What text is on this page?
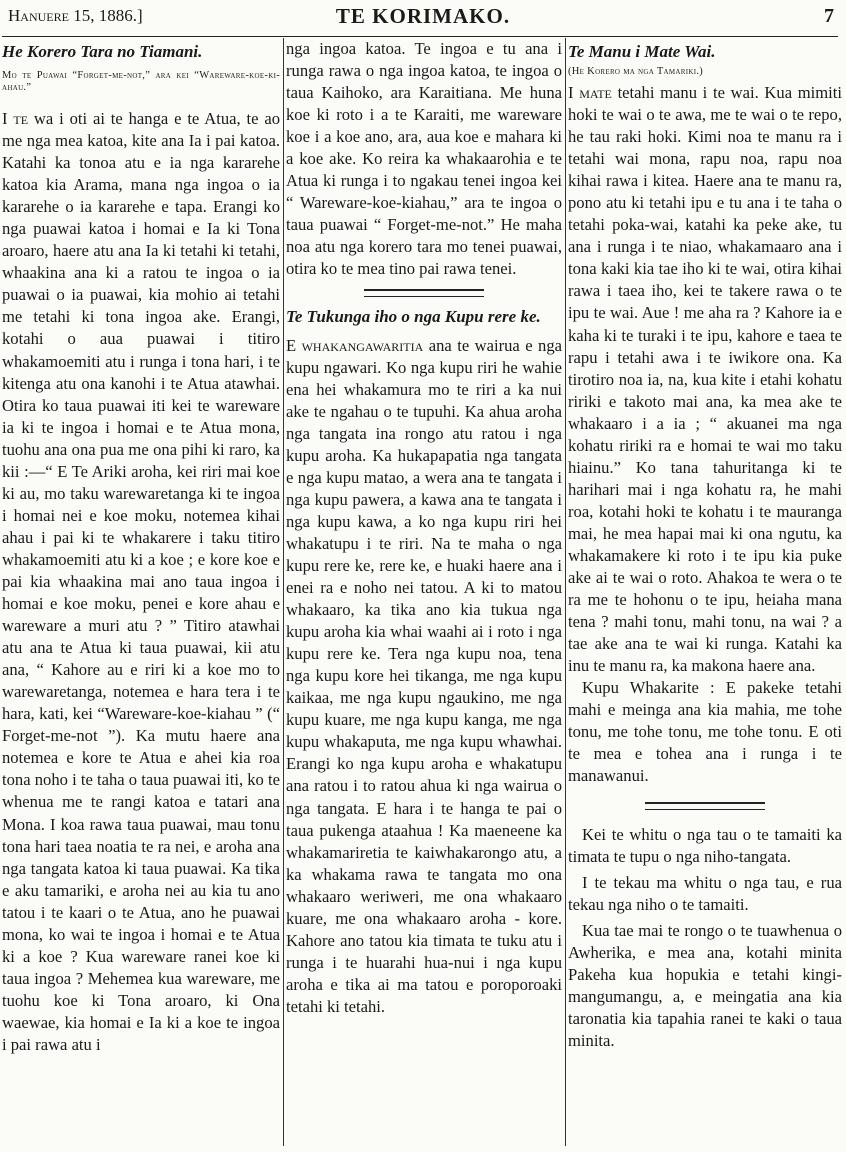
Hanuere 15, 1886.]	TE KORIMAKO.	7

He Korero Tara no Tiamani.

Mo te Puawai “Forget-me-not,” ara kei “Wareware-koe-ki-ahau.”

I te wa i oti ai te hanga e te Atua, te ao me nga mea katoa, kite ana Ia i pai katoa. Katahi ka tonoa atu e ia nga kararehe katoa kia Arama, mana nga ingoa o ia kararehe o ia kararehe e tapa. Erangi ko nga puawai katoa i homai e Ia ki Tona aroaro, haere atu ana Ia ki tetahi ki tetahi, whaakina ana ki a ratou te ingoa o ia puawai o ia puawai, kia mohio ai tetahi me tetahi ki tona ingoa ake. Erangi, kotahi o aua puawai i titiro whakamoemiti atu i runga i tona hari, i te kitenga atu ona kanohi i te Atua atawhai. Otira ko taua puawai iti kei te wareware ia ki te ingoa i homai e te Atua mona, tuohu ana ona pua me ona pihi ki raro, ka kii :—“ E Te Ariki aroha, kei riri mai koe ki au, mo taku warewaretanga ki te ingoa i homai nei e koe moku, notemea kihai ahau i pai ki te whakarere i taku titiro whakamoemiti atu ki a koe ; e kore koe e pai kia whaakina mai ano taua ingoa i homai e koe moku, penei e kore ahau e wareware a muri atu ? ” Titiro atawhai atu ana te Atua ki taua puawai, kii atu ana, “ Kahore au e riri ki a koe mo to warewaretanga, notemea e hara tera i te hara, kati, kei “Wareware-koe-kiahau ” (“ Forget-me-not ”). Ka mutu haere ana notemea e kore te Atua e ahei kia roa tona noho i te taha o taua puawai iti, ko te whenua me te rangi katoa e tatari ana Mona. I koa rawa taua puawai, mau tonu tona hari taea noatia te ra nei, e aroha ana nga tangata katoa ki taua puawai. Ka tika e aku tamariki, e aroha nei au kia tu ano tatou i te kaari o te Atua, ano he puawai mona, ko wai te ingoa i homai e te Atua ki a koe ? Kua wareware ranei koe ki taua ingoa ? Mehemea kua wareware, me tuohu koe ki Tona aroaro, ki Ona waewae, kia homai e Ia ki a koe te ingoa i pai rawa atu i

nga ingoa katoa. Te ingoa e tu ana i runga rawa o nga ingoa katoa, te ingoa o taua Kaihoko, ara Karaitiana. Me huna koe ki roto i a te Karaiti, me wareware koe i a koe ano, ara, aua koe e mahara ki a koe ake. Ko reira ka whakaarohia e te Atua ki runga i to ngakau tenei ingoa kei “ Wareware-koe-kiahau,” ara te ingoa o taua puawai “ Forget-me-not.” He maha noa atu nga korero tara mo tenei puawai, otira ko te mea tino pai rawa tenei.

Te Tukunga iho o nga Kupu rere ke.

E whakangawaritia ana te wairua e nga kupu ngawari. Ko nga kupu riri he wahie ena hei whakamura mo te riri a ka nui ake te ngahau o te tupuhi. Ka ahua aroha nga tangata ina rongo atu ratou i nga kupu aroha. Ka hukapapatia nga tangata e nga kupu matao, a wera ana te tangata i nga kupu pawera, a kawa ana te tangata i nga kupu kawa, a ko nga kupu riri hei whakatupu i te riri. Na te maha o nga kupu rere ke, rere ke, e huaki haere ana i enei ra e noho nei tatou. A ki to matou whakaaro, ka tika ano kia tukua nga kupu aroha kia whai waahi ai i roto i nga kupu rere ke. Tera nga kupu noa, tena nga kupu kore hei tikanga, me nga kupu kaikaa, me nga kupu ngaukino, me nga kupu kuare, me nga kupu kanga, me nga kupu whakaputa, me nga kupu whawhai. Erangi ko nga kupu aroha e whakatupu ana ratou i to ratou ahua ki nga wairua o nga tangata. E hara i te hanga te pai o taua pukenga ataahua ! Ka maeneene ka whakamariretia te kaiwhakarongo atu, a ka whakama rawa te tangata mo ona whakaaro weriweri, me ona whakaaro kuare, me ona whakaaro aroha - kore. Kahore ano tatou kia timata te tuku atu i runga i te huarahi hua-nui i nga kupu aroha e tika ai ma tatou e poroporoaki tetahi ki tetahi.

Te Manu i Mate Wai.

(He Korero ma nga Tamariki.)

I mate tetahi manu i te wai. Kua mimiti hoki te wai o te awa, me te wai o te repo, he tau raki hoki. Kimi noa te manu ra i tetahi wai mona, rapu noa, rapu noa kihai rawa i kitea. Haere ana te manu ra, pono atu ki tetahi ipu e tu ana i te taha o tetahi poka-wai, katahi ka peke ake, tu ana i runga i te niao, whakamaaro ana i tona kaki kia tae iho ki te wai, otira kihai rawa i taea iho, kei te takere rawa o te ipu te wai. Aue ! me aha ra ? Kahore ia e kaha ki te turaki i te ipu, kahore e taea te rapu i tetahi awa i te iwikore ona. Ka tirotiro noa ia, na, kua kite i etahi kohatu ririki e takoto mai ana, ka mea ake te whakaaro i a ia ; “ akuanei ma nga kohatu ririki ra e homai te wai mo taku hiainu.” Ko tana tahuritanga ki te harihari mai i nga kohatu ra, he mahi roa, kotahi hoki te kohatu i te mauranga mai, he mea hapai mai ki ona ngutu, ka whakamakere ki roto i te ipu kia puke ake ai te wai o roto. Ahakoa te wera o te ra me te hohonu o te ipu, heiaha mana tena ? mahi tonu, mahi tonu, na wai ? a tae ake ana te wai ki runga. Katahi ka inu te manu ra, ka makona haere ana.

Kupu Whakarite : E pakeke tetahi mahi e meinga ana kia mahia, me tohe tonu, me tohe tonu, me tohe tonu. E oti te mea e tohea ana i runga i te manawanui.

Kei te whitu o nga tau o te tamaiti ka timata te tupu o nga niho-tangata.

I te tekau ma whitu o nga tau, e rua tekau nga niho o te tamaiti.

Kua tae mai te rongo o te tuawhenua o Awherika, e mea ana, kotahi minita Pakeha kua hopukia e tetahi kingi-mangumangu, a, e meingatia ana kia taronatia kia tapahia ranei te kaki o taua minita.
